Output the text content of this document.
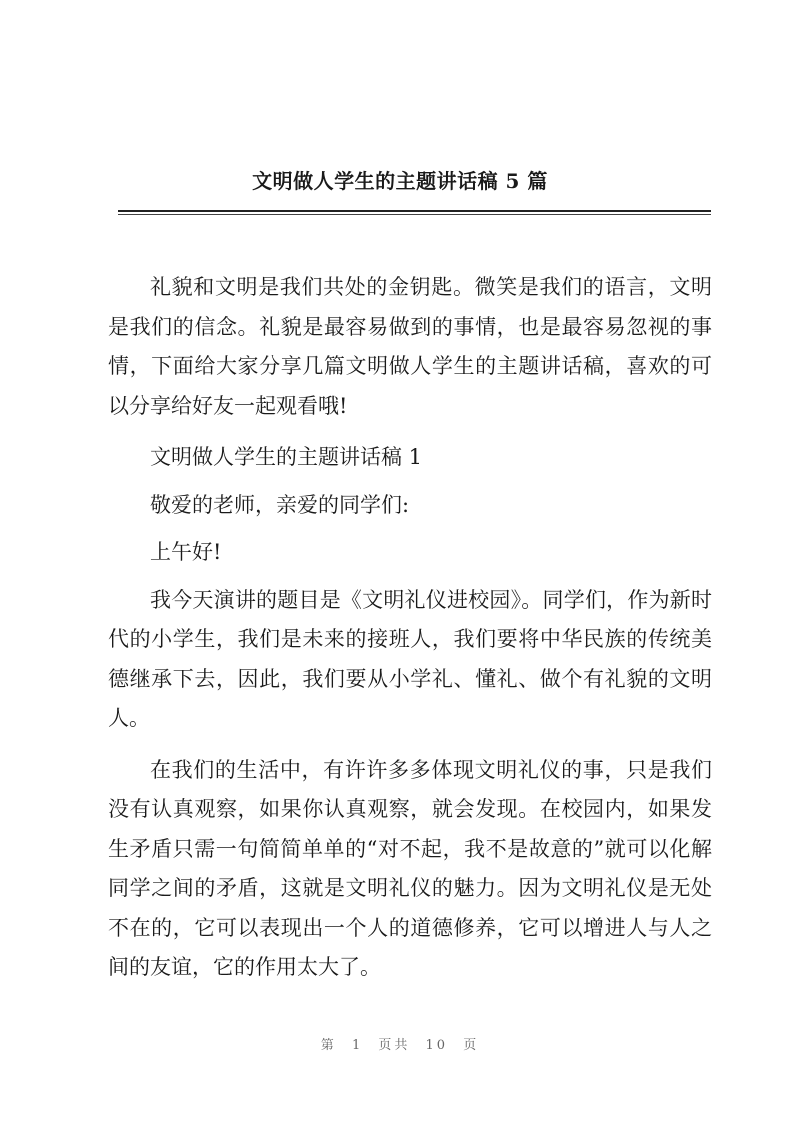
文明做人学生的主题讲话稿 5 篇

礼貌和文明是我们共处的金钥匙。微笑是我们的语言，文明是我们的信念。礼貌是最容易做到的事情，也是最容易忽视的事情，下面给大家分享几篇文明做人学生的主题讲话稿，喜欢的可以分享给好友一起观看哦!

文明做人学生的主题讲话稿 1

敬爱的老师，亲爱的同学们:

上午好!

我今天演讲的题目是《文明礼仪进校园》。同学们，作为新时代的小学生，我们是未来的接班人，我们要将中华民族的传统美德继承下去，因此，我们要从小学礼、懂礼、做个有礼貌的文明人。

在我们的生活中，有许许多多体现文明礼仪的事，只是我们没有认真观察，如果你认真观察，就会发现。在校园内，如果发生矛盾只需一句简简单单的“对不起，我不是故意的”就可以化解同学之间的矛盾，这就是文明礼仪的魅力。因为文明礼仪是无处不在的，它可以表现出一个人的道德修养，它可以增进人与人之间的友谊，它的作用太大了。

第 1 页共 10 页
